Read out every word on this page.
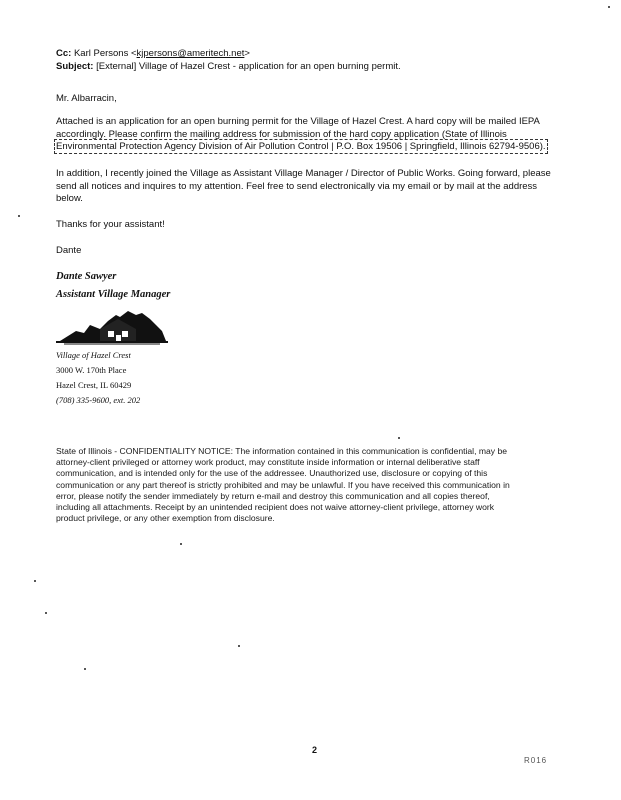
Cc: Karl Persons <kjpersons@ameritech.net>
Subject: [External] Village of Hazel Crest - application for an open burning permit.
Mr. Albarracin,
Attached is an application for an open burning permit for the Village of Hazel Crest. A hard copy will be mailed IEPA
accordingly. Please confirm the mailing address for submission of the hard copy application (State of Illinois
Environmental Protection Agency Division of Air Pollution Control | P.O. Box 19506 | Springfield, Illinois 62794-9506).
In addition, I recently joined the Village as Assistant Village Manager / Director of Public Works. Going forward, please
send all notices and inquires to my attention. Feel free to send electronically via my email or by mail at the address
below.
Thanks for your assistant!
Dante
Dante Sawyer
Assistant Village Manager
Village of Hazel Crest
3000 W. 170th Place
Hazel Crest, IL 60429
(708) 335-9600, ext. 202
State of Illinois - CONFIDENTIALITY NOTICE: The information contained in this communication is confidential, may be
attorney-client privileged or attorney work product, may constitute inside information or internal deliberative staff
communication, and is intended only for the use of the addressee. Unauthorized use, disclosure or copying of this
communication or any part thereof is strictly prohibited and may be unlawful. If you have received this communication in
error, please notify the sender immediately by return e-mail and destroy this communication and all copies thereof,
including all attachments. Receipt by an unintended recipient does not waive attorney-client privilege, attorney work
product privilege, or any other exemption from disclosure.
2
R016
